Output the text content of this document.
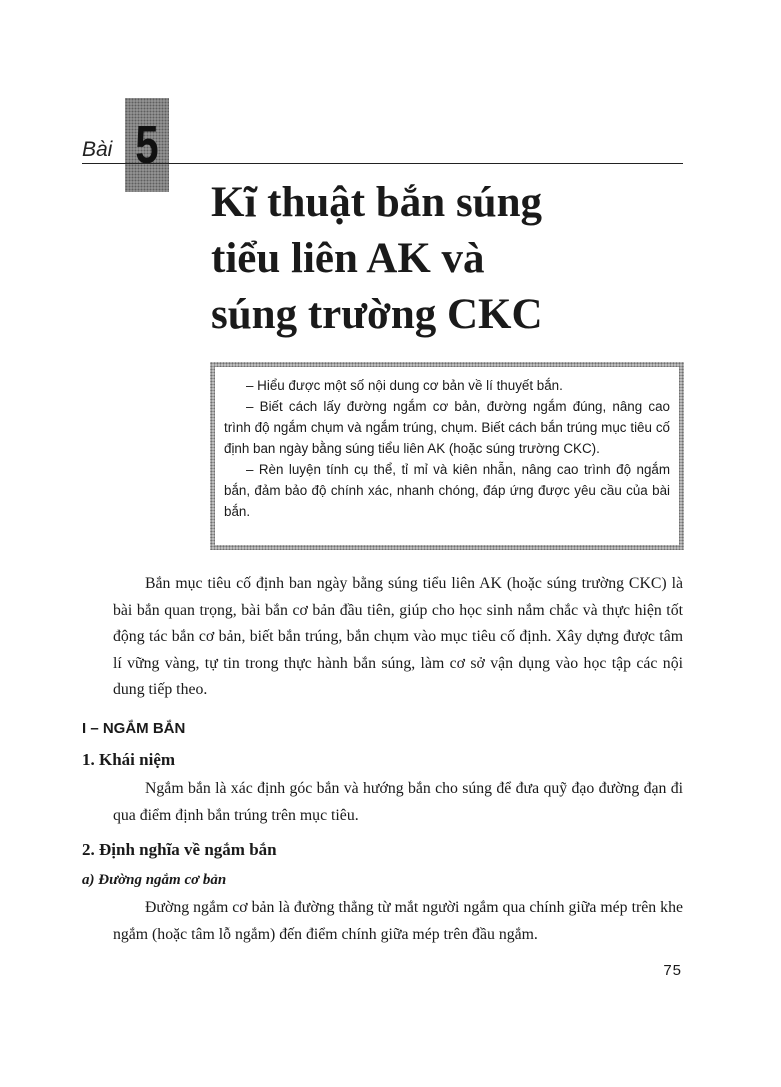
Bài 5
Kĩ thuật bắn súng
tiểu liên AK và
súng trường CKC

– Hiểu được một số nội dung cơ bản về lí thuyết bắn.

– Biết cách lấy đường ngắm cơ bản, đường ngắm đúng, nâng cao trình độ ngắm chụm và ngắm trúng, chụm. Biết cách bắn trúng mục tiêu cố định ban ngày bằng súng tiểu liên AK (hoặc súng trường CKC).

– Rèn luyện tính cụ thể, tỉ mỉ và kiên nhẫn, nâng cao trình độ ngắm bắn, đảm bảo độ chính xác, nhanh chóng, đáp ứng được yêu cầu của bài bắn.

Bắn mục tiêu cố định ban ngày bằng súng tiểu liên AK (hoặc súng trường CKC) là bài bắn quan trọng, bài bắn cơ bản đầu tiên, giúp cho học sinh nắm chắc và thực hiện tốt động tác bắn cơ bản, biết bắn trúng, bắn chụm vào mục tiêu cố định. Xây dựng được tâm lí vững vàng, tự tin trong thực hành bắn súng, làm cơ sở vận dụng vào học tập các nội dung tiếp theo.

I – NGẮM BẮN
1. Khái niệm

Ngắm bắn là xác định góc bắn và hướng bắn cho súng để đưa quỹ đạo đường đạn đi qua điểm định bắn trúng trên mục tiêu.

2. Định nghĩa về ngắm bắn
a) Đường ngắm cơ bản

Đường ngắm cơ bản là đường thẳng từ mắt người ngắm qua chính giữa mép trên khe ngắm (hoặc tâm lỗ ngắm) đến điểm chính giữa mép trên đầu ngắm.

75
